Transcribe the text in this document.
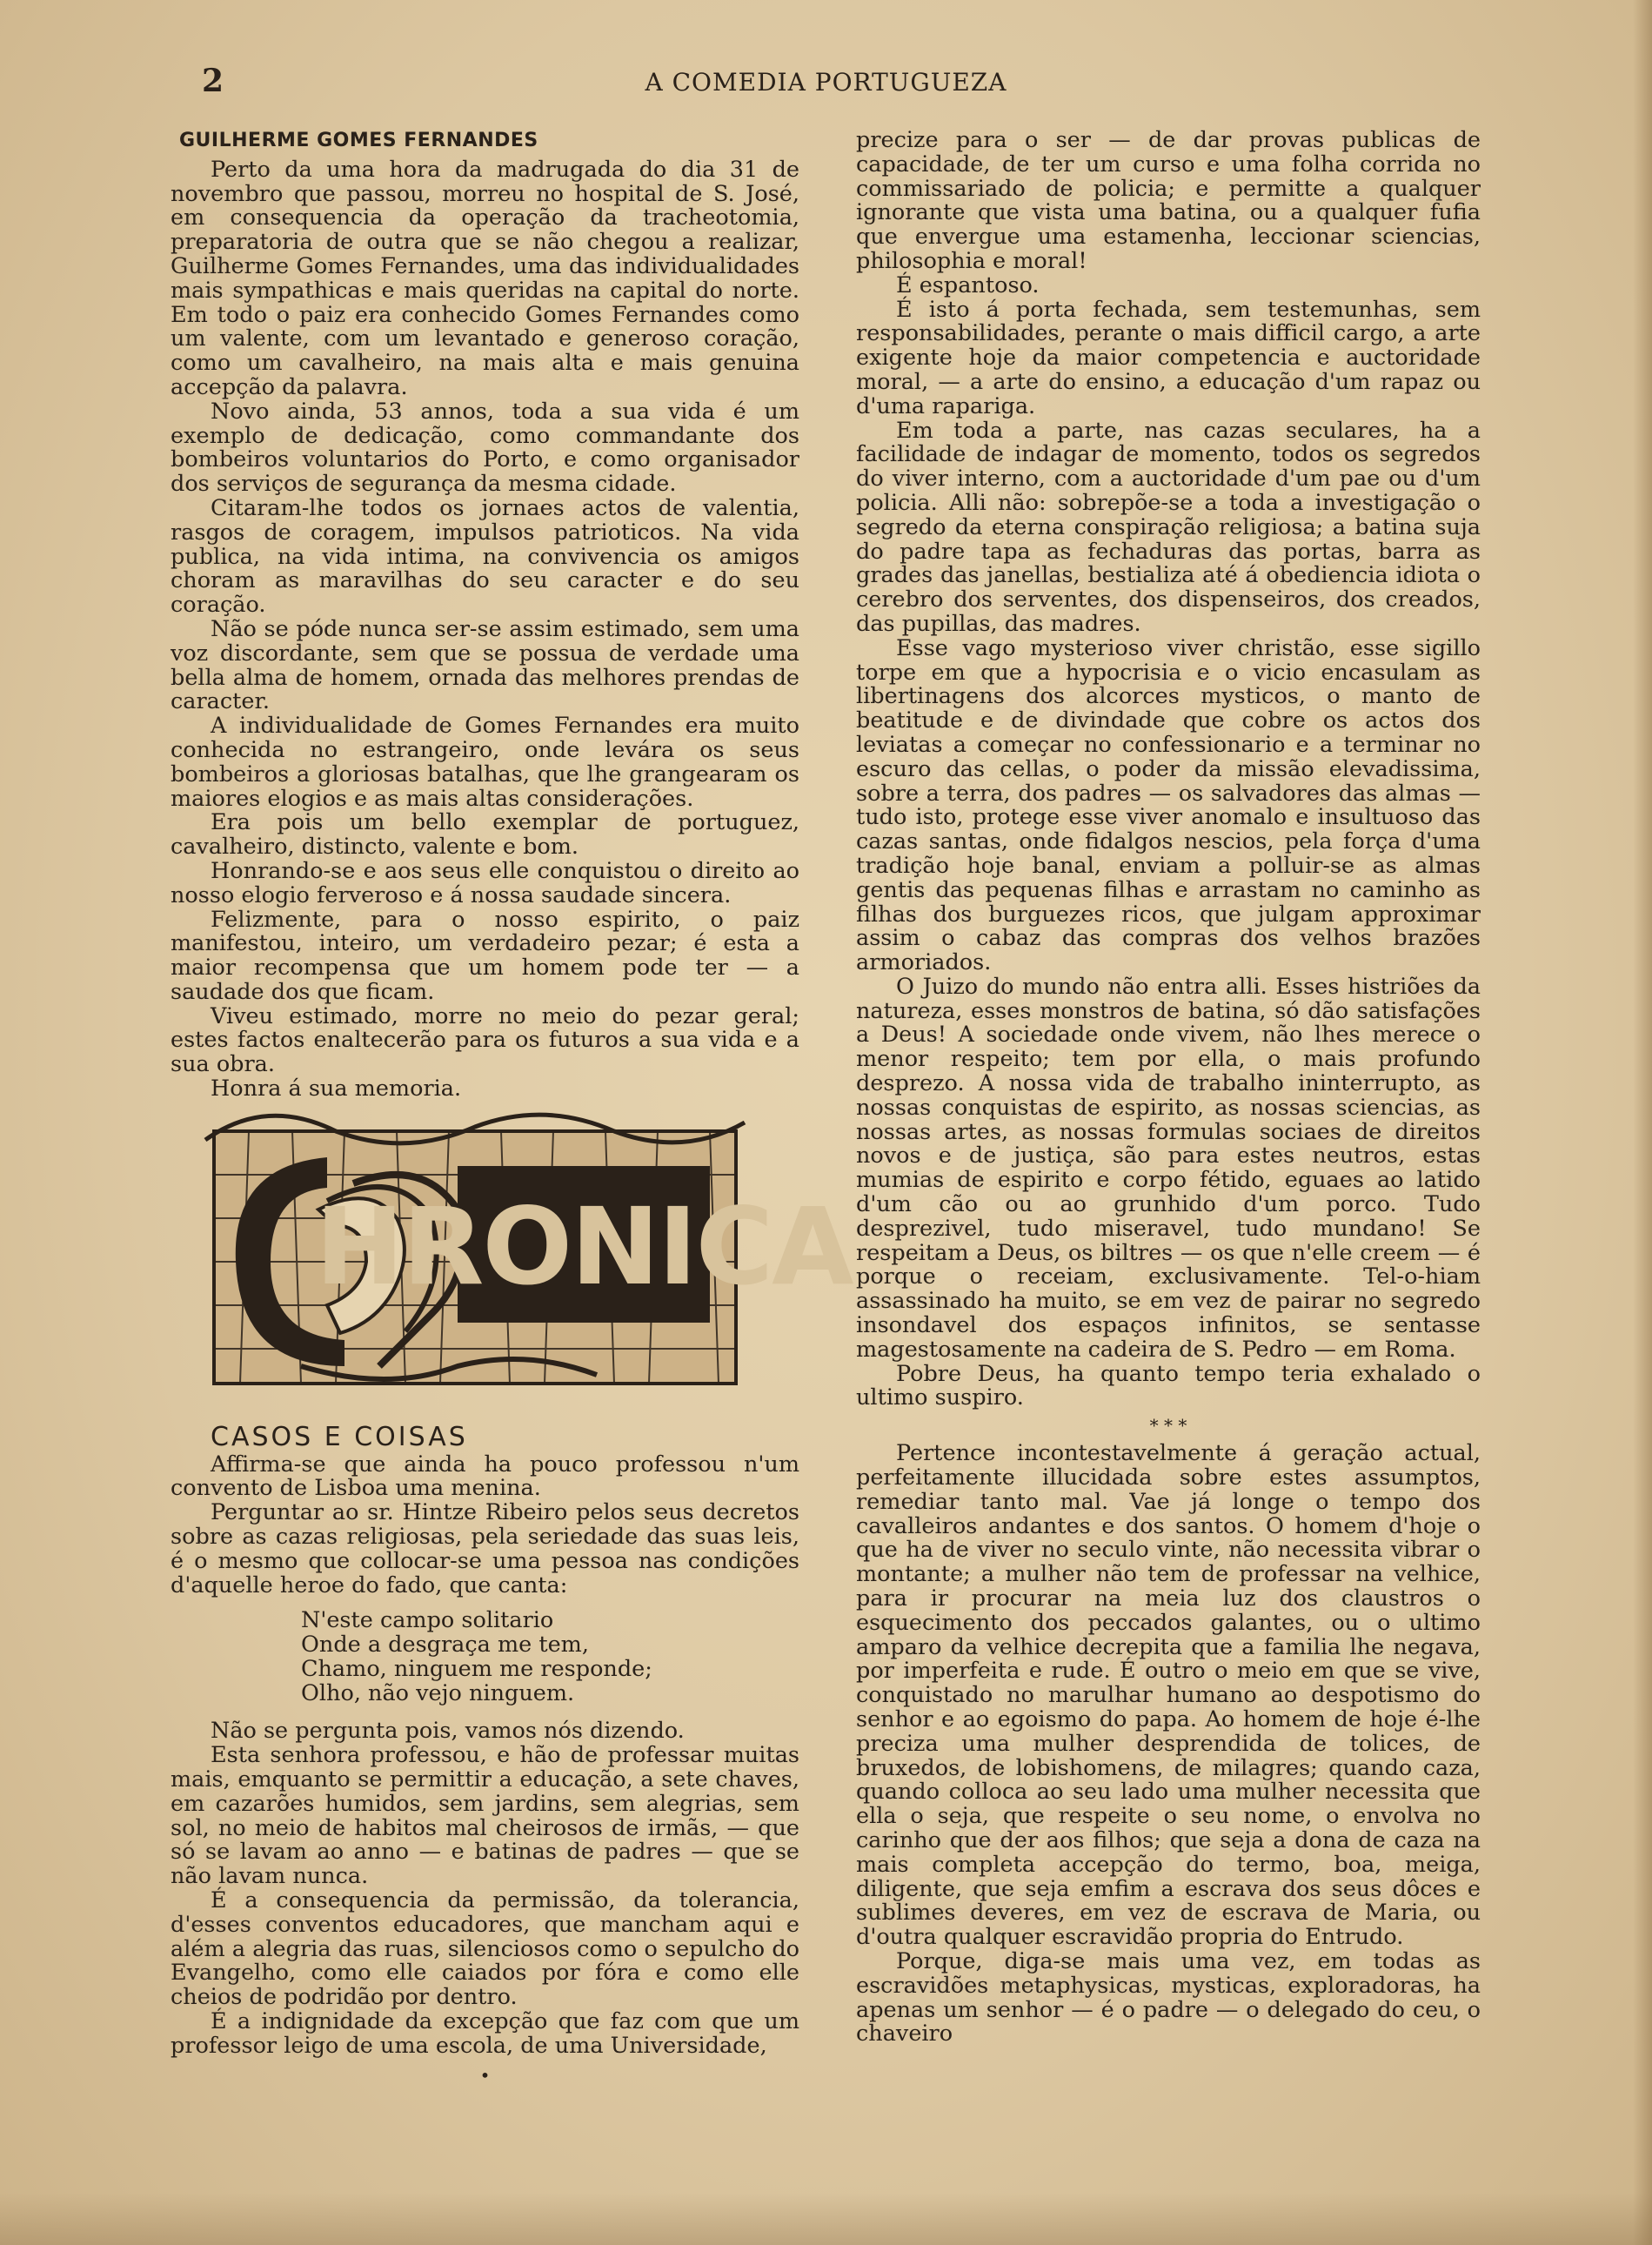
2	A COMEDIA PORTUGUEZA
GUILHERME GOMES FERNANDES

Perto da uma hora da madrugada do dia 31 de novembro que passou, morreu no hospital de S. José, em consequencia da operação da tracheotomia, preparatoria de outra que se não chegou a realizar, Guilherme Gomes Fernandes, uma das individualidades mais sympathicas e mais queridas na capital do norte. Em todo o paiz era conhecido Gomes Fernandes como um valente, com um levantado e generoso coração, como um cavalheiro, na mais alta e mais genuina accepção da palavra.

Novo ainda, 53 annos, toda a sua vida é um exemplo de dedicação, como commandante dos bombeiros voluntarios do Porto, e como organisador dos serviços de segurança da mesma cidade.

Citaram-lhe todos os jornaes actos de valentia, rasgos de coragem, impulsos patrioticos. Na vida publica, na vida intima, na convivencia os amigos choram as maravilhas do seu caracter e do seu coração.

Não se póde nunca ser-se assim estimado, sem uma voz discordante, sem que se possua de verdade uma bella alma de homem, ornada das melhores prendas de caracter.

A individualidade de Gomes Fernandes era muito conhecida no estrangeiro, onde levára os seus bombeiros a gloriosas batalhas, que lhe grangearam os maiores elogios e as mais altas considerações.

Era pois um bello exemplar de portuguez, cavalheiro, distincto, valente e bom.

Honrando-se e aos seus elle conquistou o direito ao nosso elogio ferveroso e á nossa saudade sincera.

Felizmente, para o nosso espirito, o paiz manifestou, inteiro, um verdadeiro pezar; é esta a maior recompensa que um homem pode ter — a saudade dos que ficam.

Viveu estimado, morre no meio do pezar geral; estes factos enaltecerão para os futuros a sua vida e a sua obra.

Honra á sua memoria.

HRONICA
CASOS E COISAS

Affirma-se que ainda ha pouco professou n'um convento de Lisboa uma menina.

Perguntar ao sr. Hintze Ribeiro pelos seus decretos sobre as cazas religiosas, pela seriedade das suas leis, é o mesmo que collocar-se uma pessoa nas condições d'aquelle heroe do fado, que canta:

N'este campo solitario
Onde a desgraça me tem,
Chamo, ninguem me responde;
Olho, não vejo ninguem.

Não se pergunta pois, vamos nós dizendo.

Esta senhora professou, e hão de professar muitas mais, emquanto se permittir a educação, a sete chaves, em cazarões humidos, sem jardins, sem alegrias, sem sol, no meio de habitos mal cheirosos de irmãs, — que só se lavam ao anno — e batinas de padres — que se não lavam nunca.

É a consequencia da permissão, da tolerancia, d'esses conventos educadores, que mancham aqui e além a alegria das ruas, silenciosos como o sepulcho do Evangelho, como elle caiados por fóra e como elle cheios de podridão por dentro.

É a indignidade da excepção que faz com que um professor leigo de uma escola, de uma Universidade,

•

precize para o ser — de dar provas publicas de capacidade, de ter um curso e uma folha corrida no commissariado de policia; e permitte a qualquer ignorante que vista uma batina, ou a qualquer fufia que envergue uma estamenha, leccionar sciencias, philosophia e moral!

É espantoso.

É isto á porta fechada, sem testemunhas, sem responsabilidades, perante o mais difficil cargo, a arte exigente hoje da maior competencia e auctoridade moral, — a arte do ensino, a educação d'um rapaz ou d'uma rapariga.

Em toda a parte, nas cazas seculares, ha a facilidade de indagar de momento, todos os segredos do viver interno, com a auctoridade d'um pae ou d'um policia. Alli não: sobrepõe-se a toda a investigação o segredo da eterna conspiração religiosa; a batina suja do padre tapa as fechaduras das portas, barra as grades das janellas, bestializa até á obediencia idiota o cerebro dos serventes, dos dispenseiros, dos creados, das pupillas, das madres.

Esse vago mysterioso viver christão, esse sigillo torpe em que a hypocrisia e o vicio encasulam as libertinagens dos alcorces mysticos, o manto de beatitude e de divindade que cobre os actos dos leviatas a começar no confessionario e a terminar no escuro das cellas, o poder da missão elevadissima, sobre a terra, dos padres — os salvadores das almas — tudo isto, protege esse viver anomalo e insultuoso das cazas santas, onde fidalgos nescios, pela força d'uma tradição hoje banal, enviam a polluir-se as almas gentis das pequenas filhas e arrastam no caminho as filhas dos burguezes ricos, que julgam approximar assim o cabaz das compras dos velhos brazões armoriados.

O Juizo do mundo não entra alli. Esses histriões da natureza, esses monstros de batina, só dão satisfações a Deus! A sociedade onde vivem, não lhes merece o menor respeito; tem por ella, o mais profundo desprezo. A nossa vida de trabalho ininterrupto, as nossas conquistas de espirito, as nossas sciencias, as nossas artes, as nossas formulas sociaes de direitos novos e de justiça, são para estes neutros, estas mumias de espirito e corpo fétido, eguaes ao latido d'um cão ou ao grunhido d'um porco. Tudo desprezivel, tudo miseravel, tudo mundano! Se respeitam a Deus, os biltres — os que n'elle creem — é porque o receiam, exclusivamente. Tel-o-hiam assassinado ha muito, se em vez de pairar no segredo insondavel dos espaços infinitos, se sentasse magestosamente na cadeira de S. Pedro — em Roma.

Pobre Deus, ha quanto tempo teria exhalado o ultimo suspiro.

* * *

Pertence incontestavelmente á geração actual, perfeitamente illucidada sobre estes assumptos, remediar tanto mal. Vae já longe o tempo dos cavalleiros andantes e dos santos. O homem d'hoje o que ha de viver no seculo vinte, não necessita vibrar o montante; a mulher não tem de professar na velhice, para ir procurar na meia luz dos claustros o esquecimento dos peccados galantes, ou o ultimo amparo da velhice decrepita que a familia lhe negava, por imperfeita e rude. É outro o meio em que se vive, conquistado no marulhar humano ao despotismo do senhor e ao egoismo do papa. Ao homem de hoje é-lhe preciza uma mulher desprendida de tolices, de bruxedos, de lobishomens, de milagres; quando caza, quando colloca ao seu lado uma mulher necessita que ella o seja, que respeite o seu nome, o envolva no carinho que der aos filhos; que seja a dona de caza na mais completa accepção do termo, boa, meiga, diligente, que seja emfim a escrava dos seus dôces e sublimes deveres, em vez de escrava de Maria, ou d'outra qualquer escravidão propria do Entrudo.

Porque, diga-se mais uma vez, em todas as escravidões metaphysicas, mysticas, exploradoras, ha apenas um senhor — é o padre — o delegado do ceu, o chaveiro
